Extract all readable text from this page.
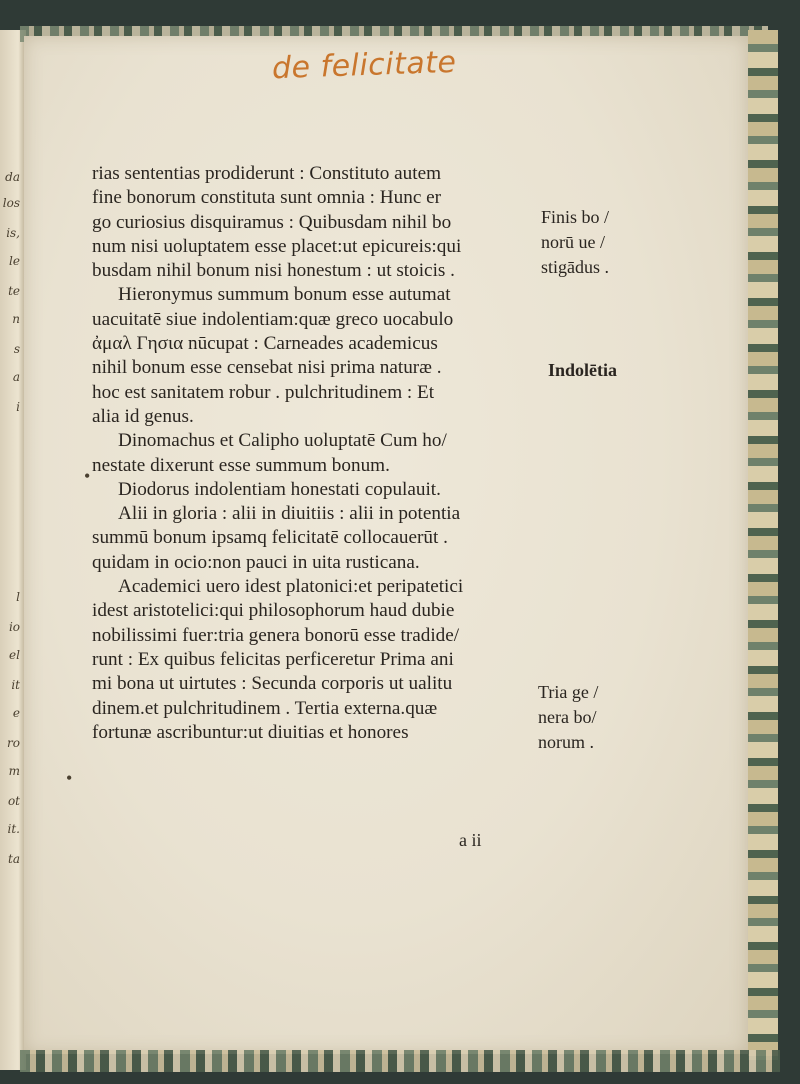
da
los
is,
le
te
n
s
a
i
l
io
el
it
e
ro
m
ot
it.
ta
de felicitate
rias sententias prodiderunt : Constituto autem
fine bonorum constituta sunt omnia : Hunc er
go curiosius disquiramus : Quibusdam nihil bo
num nisi uoluptatem esse placet:ut epicureis:qui
busdam nihil bonum nisi honestum : ut stoicis .
Hieronymus summum bonum esse autumat
uacuitatē siue indolentiam:quæ greco uocabulo
ἀμαλ Γησια nūcupat : Carneades academicus
nihil bonum esse censebat nisi prima naturæ .
hoc est sanitatem robur . pulchritudinem : Et
alia id genus.
Dinomachus et Calipho uoluptatē Cum ho/
nestate dixerunt esse summum bonum.
Diodorus indolentiam honestati copulauit.
Alii in gloria : alii in diuitiis : alii in potentia
summū bonum ipsamq felicitatē collocauerūt .
quidam in ocio:non pauci in uita rusticana.
Academici uero idest platonici:et peripatetici
idest aristotelici:qui philosophorum haud dubie
nobilissimi fuer:tria genera bonorū esse tradide/
runt : Ex quibus felicitas perficeretur Prima ani
mi bona ut uirtutes : Secunda corporis ut ualitu
dinem.et pulchritudinem . Tertia externa.quæ
fortunæ ascribuntur:ut diuitias et honores
•
•
Finis bo /
norū ue /
stigādus .
Indolētia
Tria ge /
nera bo/
norum .
a ii
